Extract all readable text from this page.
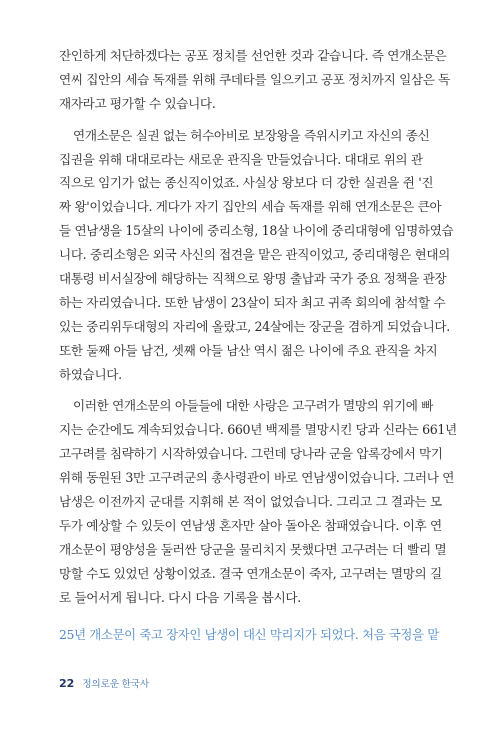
잔인하게 처단하겠다는 공포 정치를 선언한 것과 같습니다. 즉 연개소문은
연씨 집안의 세습 독재를 위해 쿠데타를 일으키고 공포 정치까지 일삼은 독
재자라고 평가할 수 있습니다.
연개소문은 실권 없는 허수아비로 보장왕을 즉위시키고 자신의 종신
집권을 위해 대대로라는 새로운 관직을 만들었습니다. 대대로 위의 관
직으로 임기가 없는 종신직이었죠. 사실상 왕보다 더 강한 실권을 쥔 '진
짜 왕'이었습니다. 게다가 자기 집안의 세습 독재를 위해 연개소문은 큰아
들 연남생을 15살의 나이에 중리소형, 18살 나이에 중리대형에 임명하였습
니다. 중리소형은 외국 사신의 접견을 맡은 관직이었고, 중리대형은 현대의
대통령 비서실장에 해당하는 직책으로 왕명 출납과 국가 중요 정책을 관장
하는 자리였습니다. 또한 남생이 23살이 되자 최고 귀족 회의에 참석할 수
있는 중리위두대형의 자리에 올랐고, 24살에는 장군을 겸하게 되었습니다.
또한 둘째 아들 남건, 셋째 아들 남산 역시 젊은 나이에 주요 관직을 차지
하였습니다.
이러한 연개소문의 아들들에 대한 사랑은 고구려가 멸망의 위기에 빠
지는 순간에도 계속되었습니다. 660년 백제를 멸망시킨 당과 신라는 661년
고구려를 침략하기 시작하였습니다. 그런데 당나라 군을 압록강에서 막기
위해 동원된 3만 고구려군의 총사령관이 바로 연남생이었습니다. 그러나 연
남생은 이전까지 군대를 지휘해 본 적이 없었습니다. 그리고 그 결과는 모
두가 예상할 수 있듯이 연남생 혼자만 살아 돌아온 참패였습니다. 이후 연
개소문이 평양성을 둘러싼 당군을 물리치지 못했다면 고구려는 더 빨리 멸
망할 수도 있었던 상황이었죠. 결국 연개소문이 죽자, 고구려는 멸망의 길
로 들어서게 됩니다. 다시 다음 기록을 봅시다.
25년 개소문이 죽고 장자인 남생이 대신 막리지가 되었다. 처음 국정을 맡
22 정의로운 한국사
